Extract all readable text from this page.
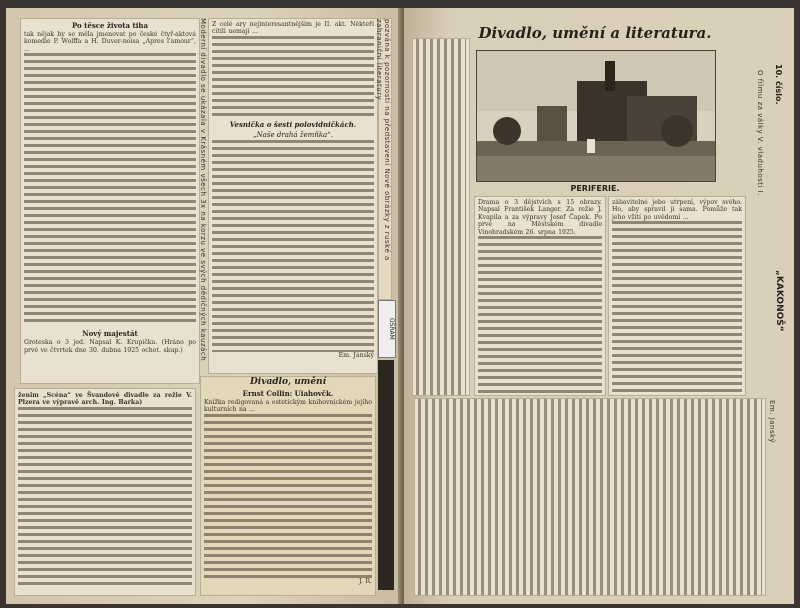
Po těsce života tiha
tak nějak by se měla jmenovat po české čtyř-aktová komedie P. Wolffa a H. Duver-noisa „Apres l'amour“, ...
Nový majestát
Groteska o 3 jed. Napsal K. Krupička. (Hráno po prvé ve čtvrtek dne 30. dubna 1925 ochot. skup.)	Moderní divadlo se ukázala v Krásném všech 3x na korzu ve svých dědičných kauzách Z celé ary nejinteresantnějším je II. akt. Někteří cítili nemají ...
Vesnička o šesti polovidničkách.
„Naše drahá žemňka“.
Em. Jánský
pozvána k pozornosti na představení Nové obrázky z ruské a zahraniční literatury
OSRAM
ženim „Scéna“ ve Švandově divadle za režie V. Plzera ve výpravě arch. Ing. Barka)
Divadlo, umění
Ernst Collin: Uiahovčk.
Knížka redigovaná a estetickým knihovnickém jejího kulturních na ...
J. R.
Divadlo, umění a literatura.
PERIFERIE.
10. číslo.
„KAKONOŠ“
O filmu za války V. vladuhosti I.
Drama o 3 dějstvích s 15 obrazy. Napsal František Langer. Za režie J. Kvapila a za výpravy Josef Čapek. Po prvé na Městském divadle Vinohradském 26. srpna 1925.
zábavitelné jebo utrpení, výpov svého. Ho, aby spravil ji sama. Pomůže tak jeho vžití po uvědomí ...
Em. Janský
